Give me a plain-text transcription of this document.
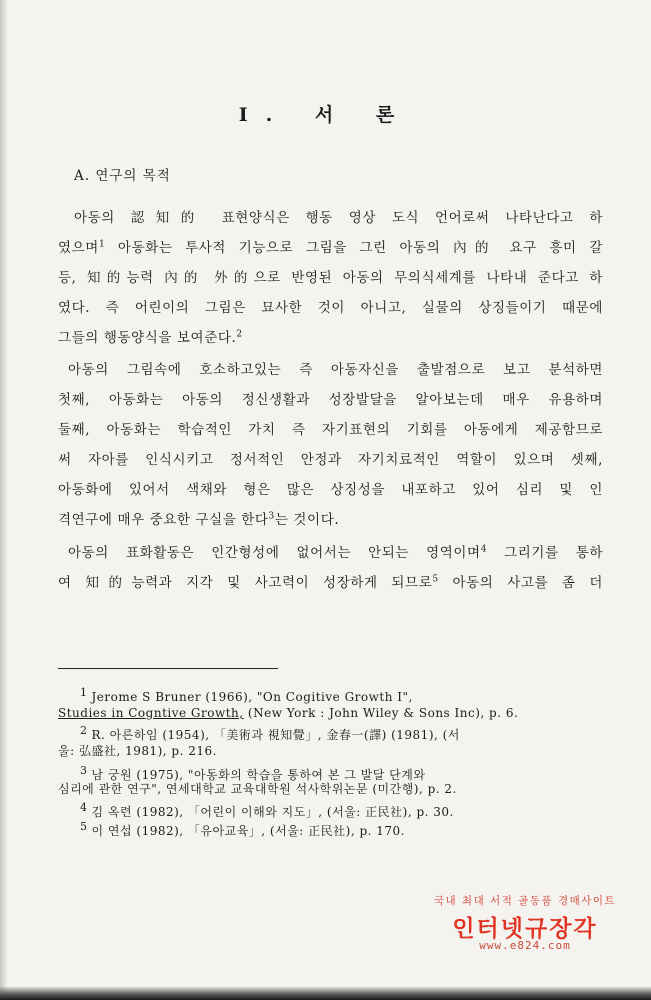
I. 서 론
A. 연구의 목적
아동의 認知的 표현양식은 행동 영상 도식 언어로써 나타난다고 하
였으며$^1$ 아동화는 투사적 기능으로 그림을 그린 아동의 內的 요구 흥미 갈
등, 知的능력 內的 外的으로 반영된 아동의 무의식세계를 나타내 준다고 하
였다. 즉 어린이의 그림은 묘사한 것이 아니고, 실물의 상징들이기 때문에
그들의 행동양식을 보여준다.$^2$
아동의 그림속에 호소하고있는 즉 아동자신을 출발점으로 보고 분석하면
첫째, 아동화는 아동의 정신생활과 성장발달을 알아보는데 매우 유용하며
둘째, 아동화는 학습적인 가치 즉 자기표현의 기회를 아동에게 제공함므로
써 자아를 인식시키고 정서적인 안정과 자기치료적인 역할이 있으며 셋째,
아동화에 있어서 색채와 형은 많은 상징성을 내포하고 있어 심리 및 인
격연구에 매우 중요한 구실을 한다$^3$는 것이다.
아동의 표화활동은 인간형성에 없어서는 안되는 영역이며$^4$ 그리기를 통하
여 知的능력과 지각 및 사고력이 성장하게 되므로$^5$ 아동의 사고를 좀 더
1 Jerome S Bruner (1966), "On Cogitive Growth I",
Studies in Cogntive Growth, (New York : John Wiley & Sons Inc), p. 6.
2 R. 아른하임 (1954), 「美術과 視知覺」, 金春一(譯) (1981), (서
울: 弘盛社, 1981), p. 216.
3 남 궁원 (1975), "아동화의 학습을 통하여 본 그 발달 단계와
심리에 관한 연구", 연세대학교 교육대학원 석사학위논문 (미간행), p. 2.
4 김 옥련 (1982), 「어린이 이해와 지도」, (서울: 正民社), p. 30.
5 이 연섭 (1982), 「유아교육」, (서울: 正民社), p. 170.
국내 최대 서적 골동품 경매사이트
인터넷규장각
www.e824.com
